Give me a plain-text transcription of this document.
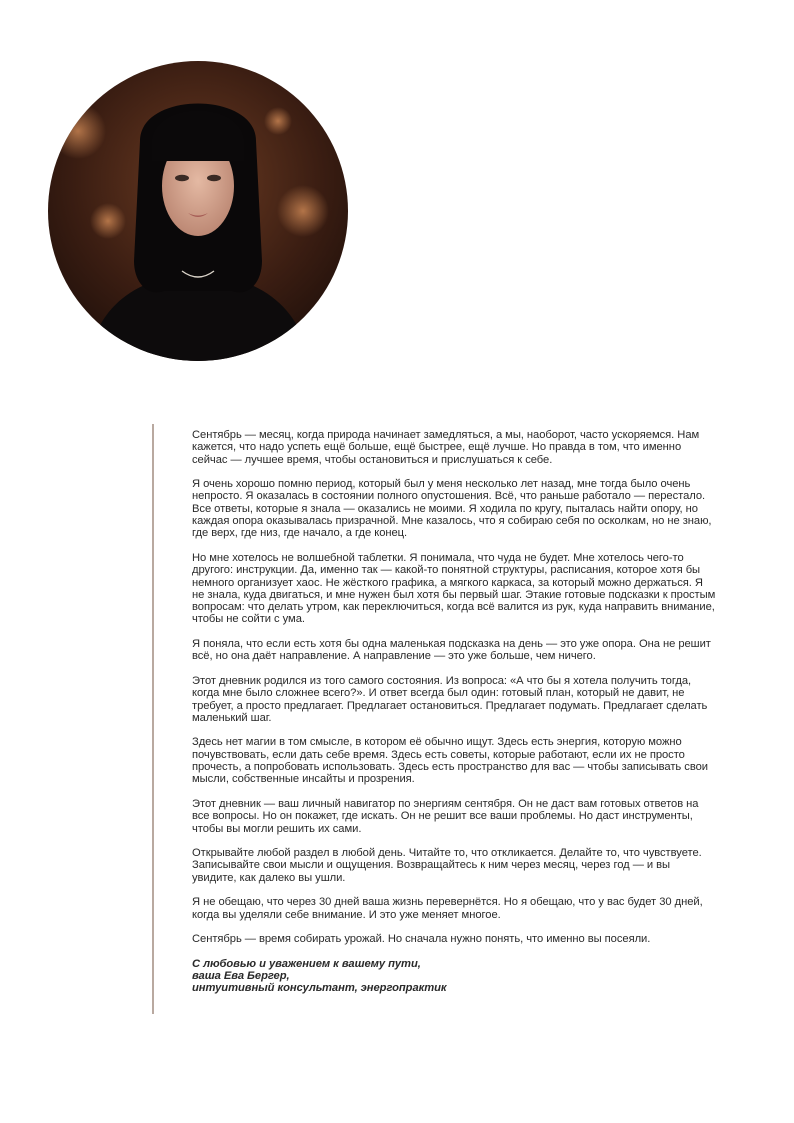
Сентябрь — месяц, когда природа начинает замедляться, а мы, наоборот, часто ускоряемся. Нам кажется, что надо успеть ещё больше, ещё быстрее, ещё лучше. Но правда в том, что именно сейчас — лучшее время, чтобы остановиться и прислушаться к себе.

Я очень хорошо помню период, который был у меня несколько лет назад, мне тогда было очень непросто. Я оказалась в состоянии полного опустошения. Всё, что раньше работало — перестало. Все ответы, которые я знала — оказались не моими. Я ходила по кругу, пыталась найти опору, но каждая опора оказывалась призрачной. Мне казалось, что я собираю себя по осколкам, но не знаю, где верх, где низ, где начало, а где конец.

Но мне хотелось не волшебной таблетки. Я понимала, что чуда не будет. Мне хотелось чего-то другого: инструкции. Да, именно так — какой-то понятной структуры, расписания, которое хотя бы немного организует хаос. Не жёсткого графика, а мягкого каркаса, за который можно держаться. Я не знала, куда двигаться, и мне нужен был хотя бы первый шаг. Этакие готовые подсказки к простым вопросам: что делать утром, как переключиться, когда всё валится из рук, куда направить внимание, чтобы не сойти с ума.

Я поняла, что если есть хотя бы одна маленькая подсказка на день — это уже опора. Она не решит всё, но она даёт направление. А направление — это уже больше, чем ничего.

Этот дневник родился из того самого состояния. Из вопроса: «А что бы я хотела получить тогда, когда мне было сложнее всего?». И ответ всегда был один: готовый план, который не давит, не требует, а просто предлагает. Предлагает остановиться. Предлагает подумать. Предлагает сделать маленький шаг.

Здесь нет магии в том смысле, в котором её обычно ищут. Здесь есть энергия, которую можно почувствовать, если дать себе время. Здесь есть советы, которые работают, если их не просто прочесть, а попробовать использовать. Здесь есть пространство для вас — чтобы записывать свои мысли, собственные инсайты и прозрения.

Этот дневник — ваш личный навигатор по энергиям сентября. Он не даст вам готовых ответов на все вопросы. Но он покажет, где искать. Он не решит все ваши проблемы. Но даст инструменты, чтобы вы могли решить их сами.

Открывайте любой раздел в любой день. Читайте то, что откликается. Делайте то, что чувствуете. Записывайте свои мысли и ощущения. Возвращайтесь к ним через месяц, через год — и вы увидите, как далеко вы ушли.

Я не обещаю, что через 30 дней ваша жизнь перевернётся. Но я обещаю, что у вас будет 30 дней, когда вы уделяли себе внимание. И это уже меняет многое.

Сентябрь — время собирать урожай. Но сначала нужно понять, что именно вы посеяли.

С любовью и уважением к вашему пути,
ваша Ева Бергер,
интуитивный консультант, энергопрактик
